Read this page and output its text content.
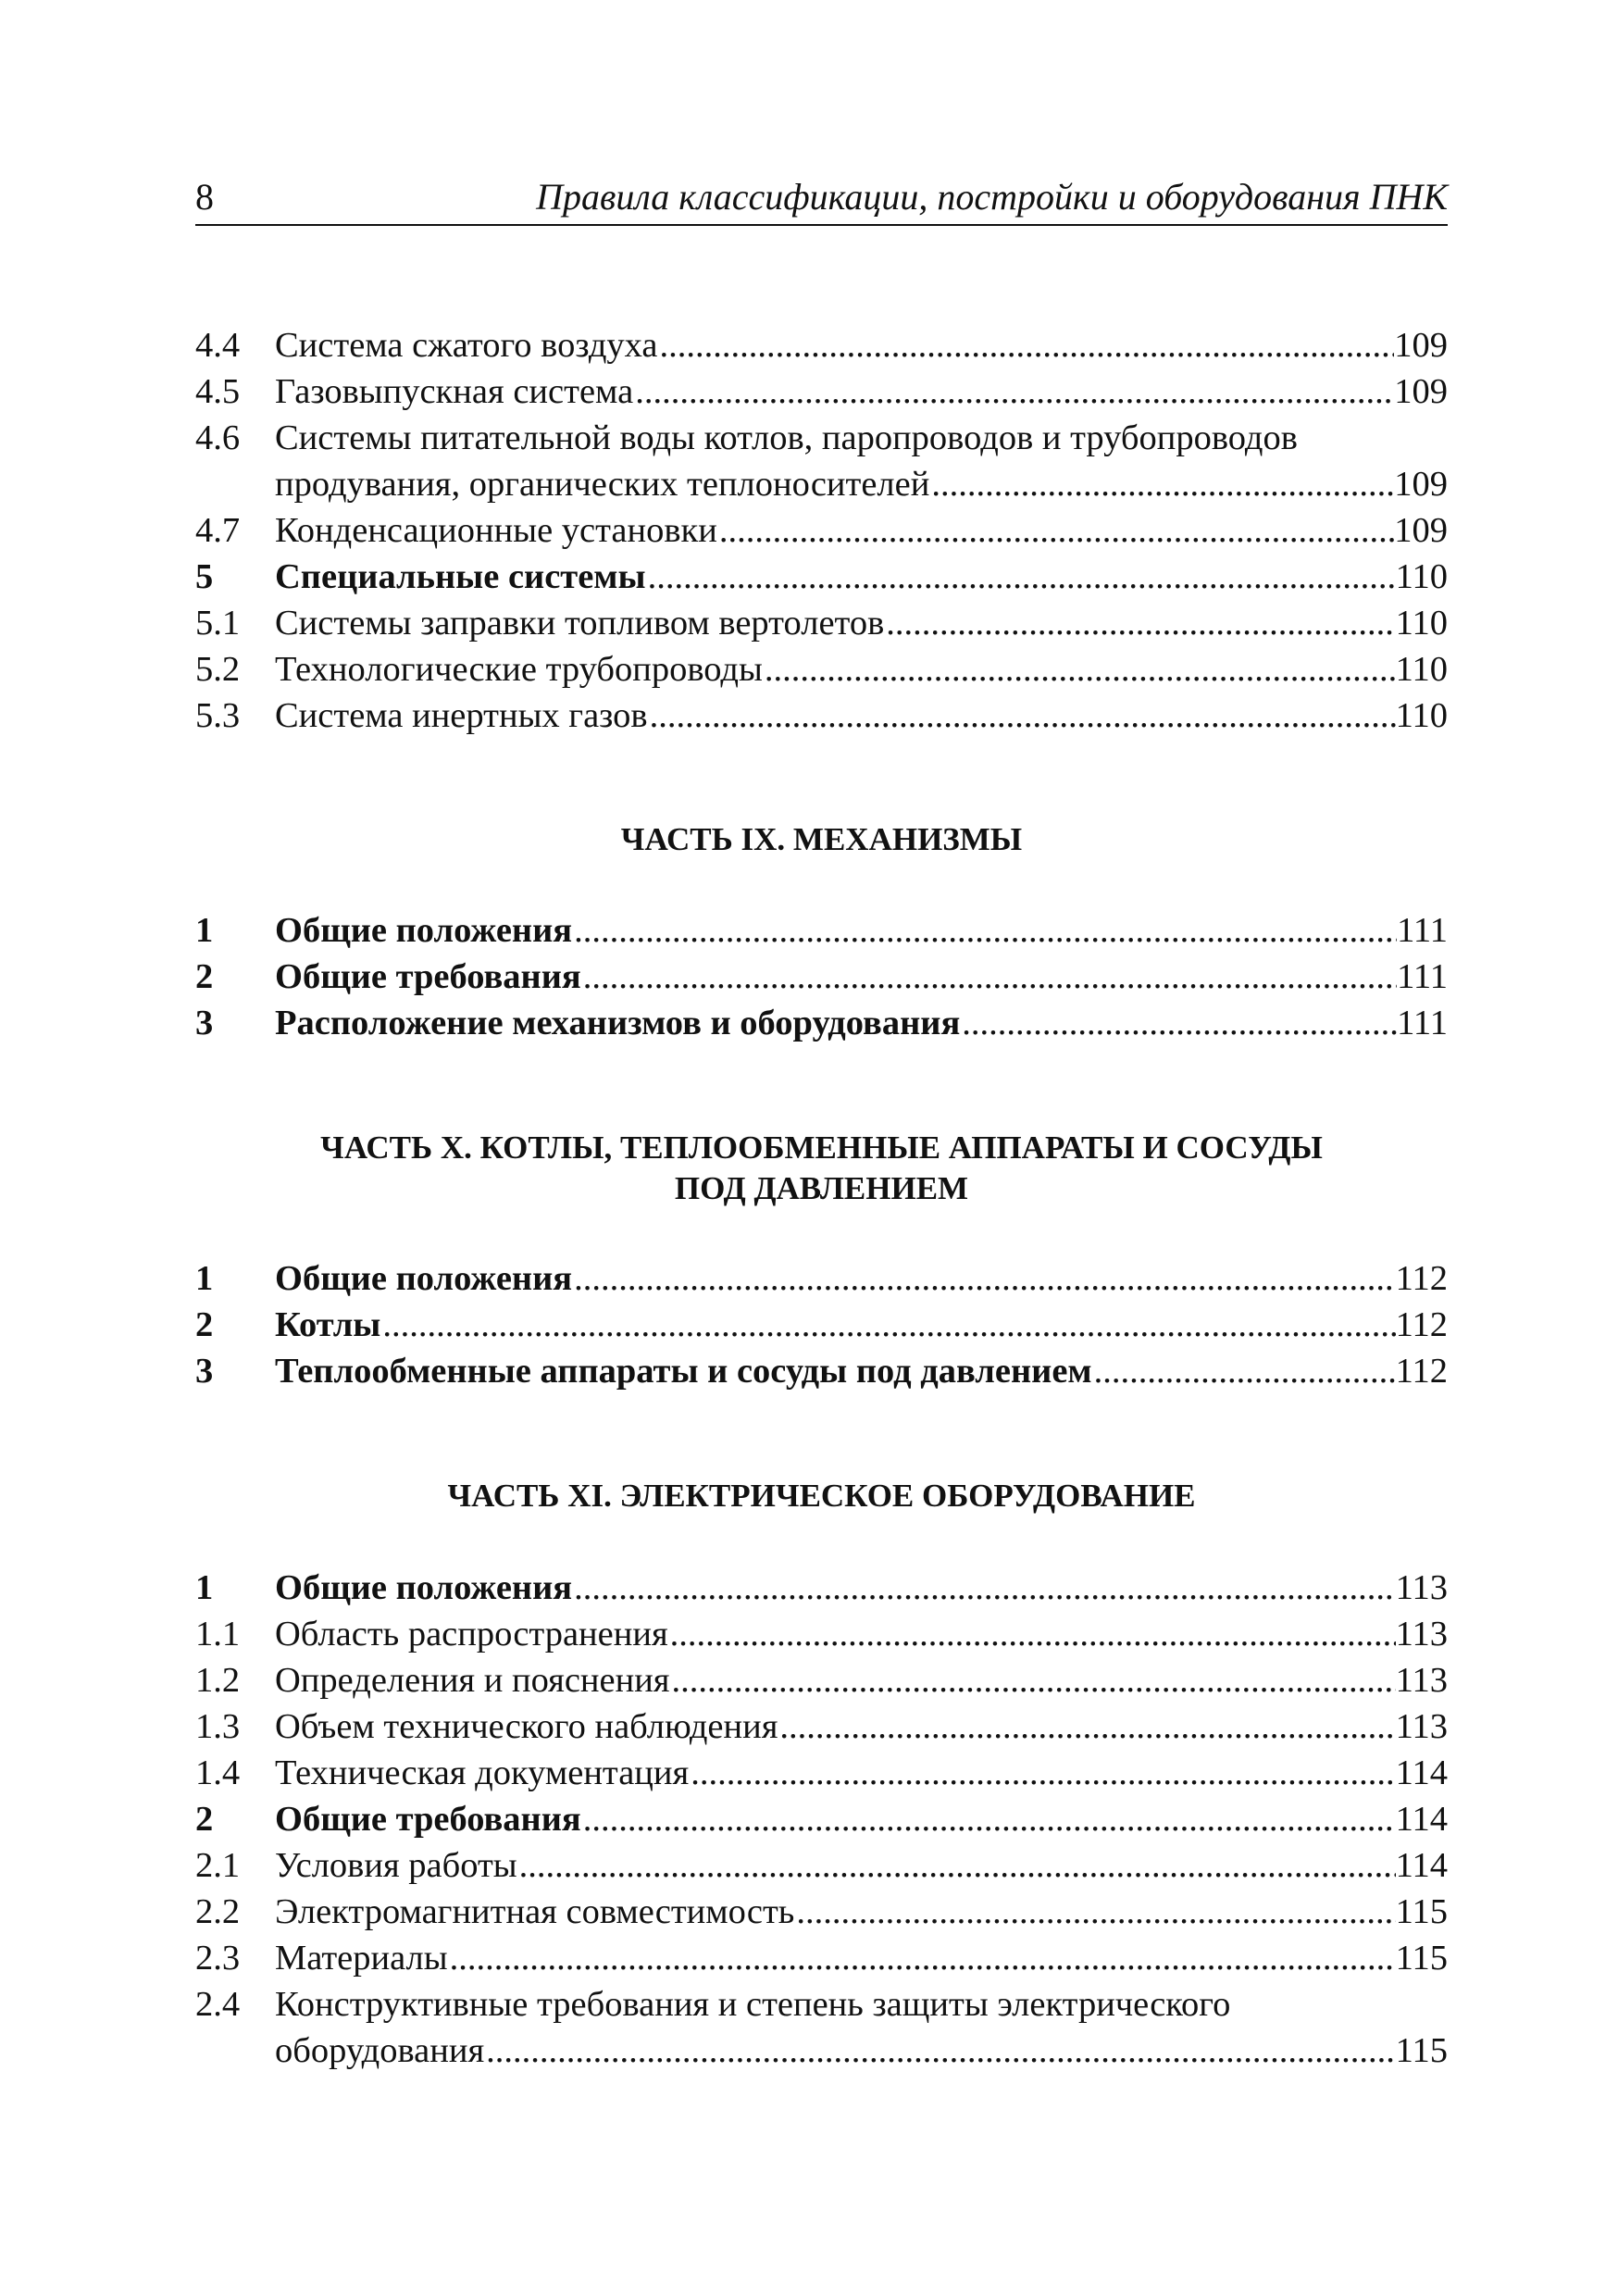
8	Правила классификации, постройки и оборудования ПНК
4.4 Система сжатого воздуха .....	109
4.5 Газовыпускная система .....	109
4.6 Системы питательной воды котлов, паропроводов и трубопроводов
продувания, органических теплоносителей .....	109
4.7 Конденсационные установки .....	109
5	Специальные системы .....	110
5.1 Системы заправки топливом вертолетов .....	110
5.2 Технологические трубопроводы .....	110
5.3 Система инертных газов .....	110
ЧАСТЬ IX. МЕХАНИЗМЫ
1	Общие положения .....	111
2	Общие требования .....	111
3	Расположение механизмов и оборудования .....	111
ЧАСТЬ X. КОТЛЫ, ТЕПЛООБМЕННЫЕ АППАРАТЫ И СОСУДЫ
ПОД ДАВЛЕНИЕМ
1	Общие положения .....	112
2	Котлы .....	112
3	Теплообменные аппараты и сосуды под давлением .....	112
ЧАСТЬ XI. ЭЛЕКТРИЧЕСКОЕ ОБОРУДОВАНИЕ
1	Общие положения .....	113
1.1 Область распространения .....	113
1.2 Определения и пояснения .....	113
1.3 Объем технического наблюдения .....	113
1.4 Техническая документация .....	114
2	Общие требования .....	114
2.1 Условия работы .....	114
2.2 Электромагнитная совместимость .....	115
2.3 Материалы .....	115
2.4 Конструктивные требования и степень защиты электрического
оборудования .....	115
